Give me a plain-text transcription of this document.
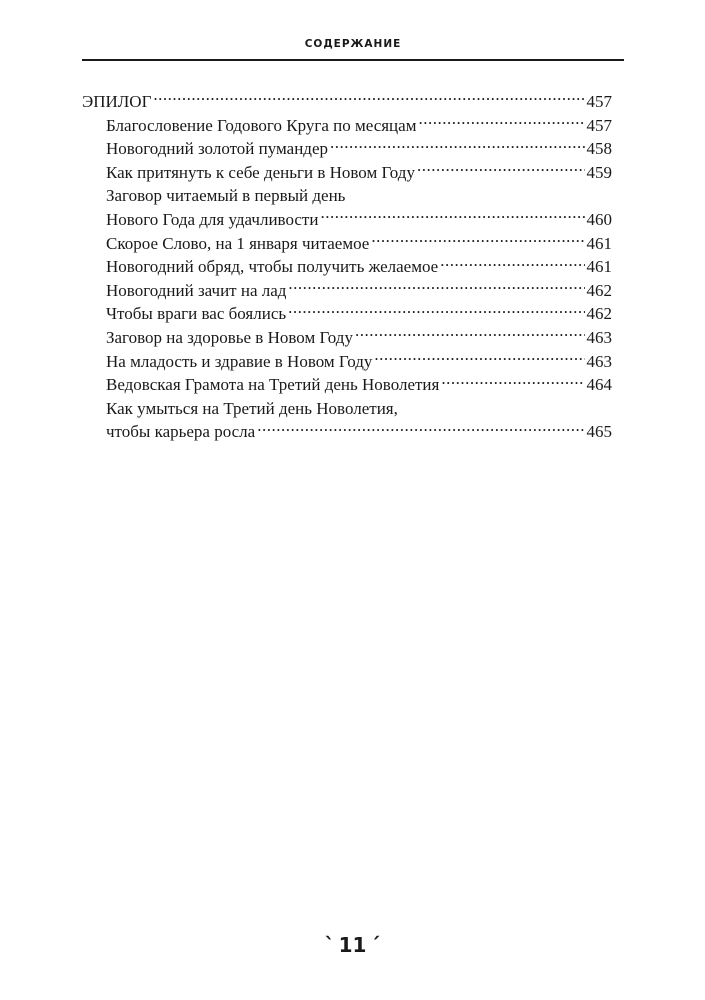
СОДЕРЖАНИЕ
ЭПИЛОГ .....	457
Благословение Годового Круга по месяцам .....	457
Новогодний золотой пумандер .....	458
Как притянуть к себе деньги в Новом Году .....	459
Заговор читаемый в первый день
Нового Года для удачливости .....	460
Скорое Слово, на 1 января читаемое .....	461
Новогодний обряд, чтобы получить желаемое .....	461
Новогодний зачит на лад .....	462
Чтобы враги вас боялись .....	462
Заговор на здоровье в Новом Году .....	463
На младость и здравие в Новом Году .....	463
Ведовская Грамота на Третий день Новолетия .....	464
Как умыться на Третий день Новолетия,
чтобы карьера росла .....	465
` 11 ´
